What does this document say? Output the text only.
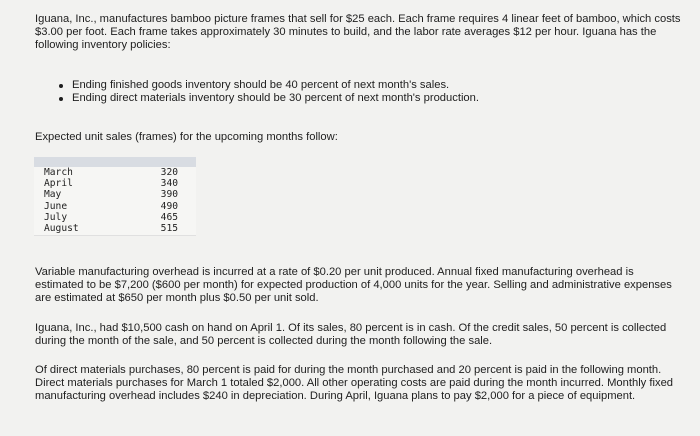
Iguana, Inc., manufactures bamboo picture frames that sell for $25 each. Each frame requires 4 linear feet of bamboo, which costs $3.00 per foot. Each frame takes approximately 30 minutes to build, and the labor rate averages $12 per hour. Iguana has the following inventory policies:

Ending finished goods inventory should be 40 percent of next month's sales.
Ending direct materials inventory should be 30 percent of next month's production.

Expected unit sales (frames) for the upcoming months follow:

March	320
April	340
May	390
June	490
July	465
August	515

Variable manufacturing overhead is incurred at a rate of $0.20 per unit produced. Annual fixed manufacturing overhead is estimated to be $7,200 ($600 per month) for expected production of 4,000 units for the year. Selling and administrative expenses are estimated at $650 per month plus $0.50 per unit sold.

Iguana, Inc., had $10,500 cash on hand on April 1. Of its sales, 80 percent is in cash. Of the credit sales, 50 percent is collected during the month of the sale, and 50 percent is collected during the month following the sale.

Of direct materials purchases, 80 percent is paid for during the month purchased and 20 percent is paid in the following month. Direct materials purchases for March 1 totaled $2,000. All other operating costs are paid during the month incurred. Monthly fixed manufacturing overhead includes $240 in depreciation. During April, Iguana plans to pay $2,000 for a piece of equipment.
